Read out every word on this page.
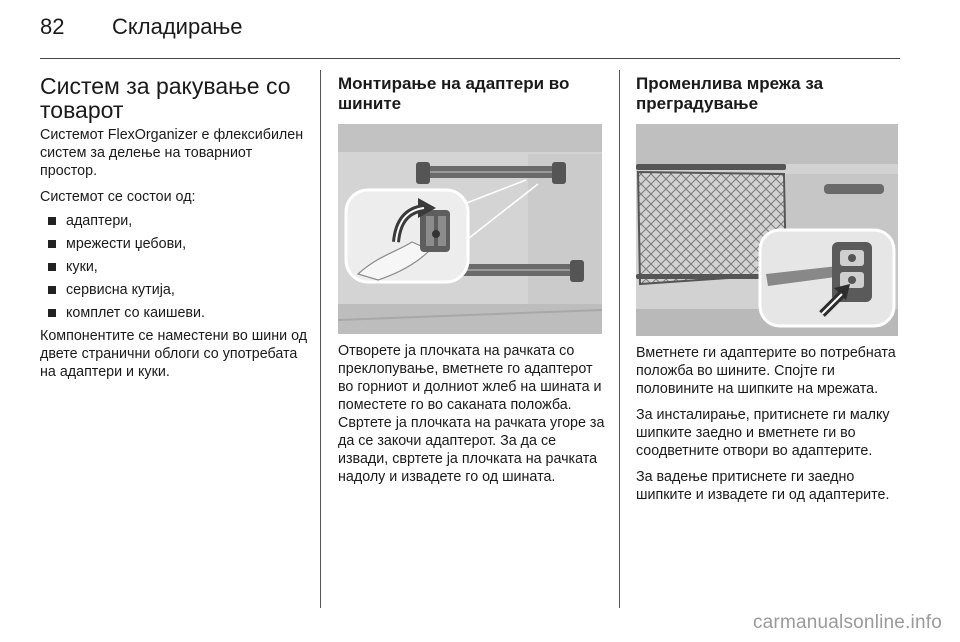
82 Складирање
Систем за ракување со товарот

Системот FlexOrganizer е флексибилен систем за делење на товарниот простор.

Системот се состои од:

адаптери,
мрежести џебови,
куки,
сервисна кутија,
комплет со каишеви.

Компонентите се наместени во шини од двете странични облоги со употребата на адаптери и куки.

Монтирање на адаптери во шините

Отворете ја плочката на рачката со преклопување, вметнете го адаптерот во горниот и долниот жлеб на шината и поместете го во саканата положба. Свртете ја плочката на рачката угоре за да се закочи адаптерот. За да се извади, свртете ја плочката на рачката надолу и извадете го од шината.

Променлива мрежа за преградување

Вметнете ги адаптерите во потребната положба во шините. Спојте ги половините на шипките на мрежата.

За инсталирање, притиснете ги малку шипките заедно и вметнете ги во соодветните отвори во адаптерите.

За вадење притиснете ги заедно шипките и извадете ги од адаптерите.

carmanualsonline.info
